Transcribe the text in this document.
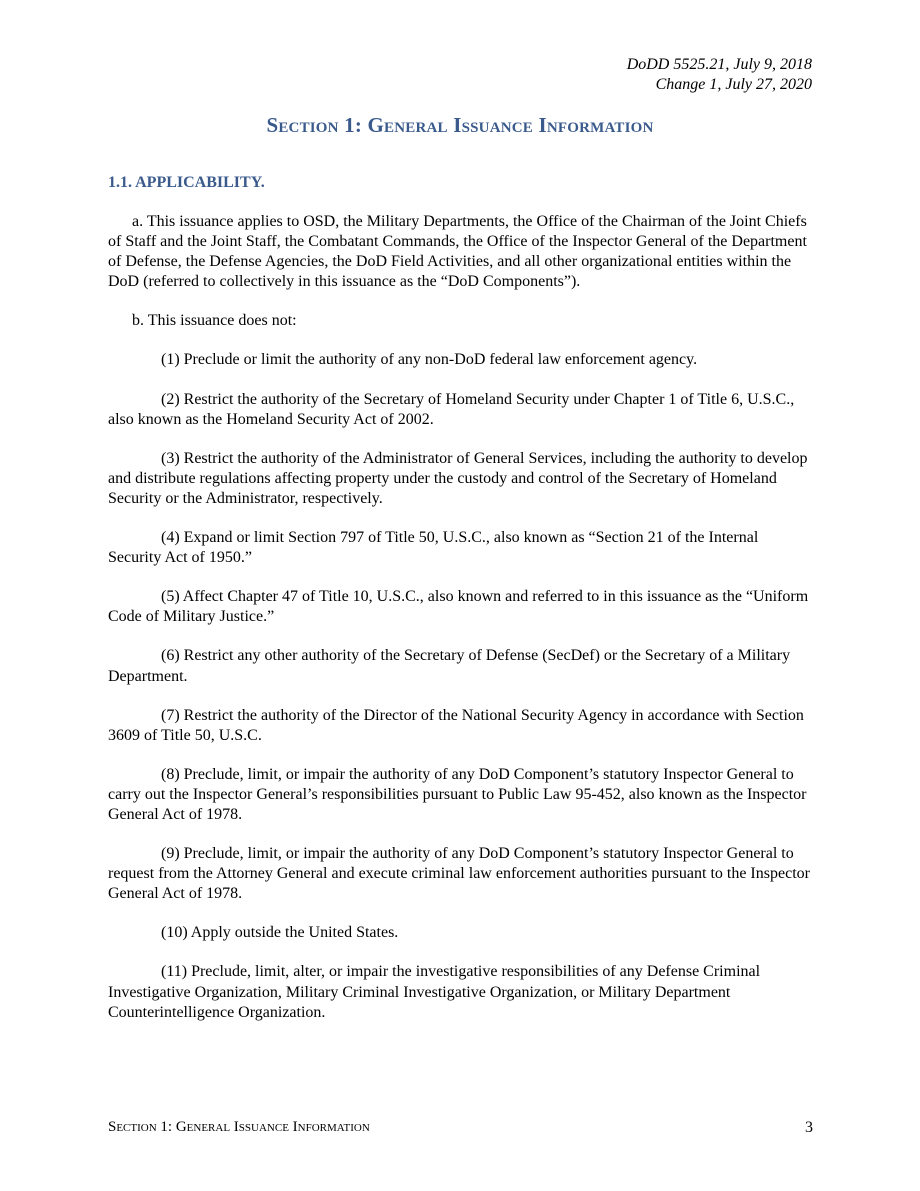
DoDD 5525.21, July 9, 2018
Change 1, July 27, 2020
Section 1: General Issuance Information
1.1. APPLICABILITY.

a. This issuance applies to OSD, the Military Departments, the Office of the Chairman of the Joint Chiefs of Staff and the Joint Staff, the Combatant Commands, the Office of the Inspector General of the Department of Defense, the Defense Agencies, the DoD Field Activities, and all other organizational entities within the DoD (referred to collectively in this issuance as the “DoD Components”).

b. This issuance does not:

(1) Preclude or limit the authority of any non-DoD federal law enforcement agency.

(2) Restrict the authority of the Secretary of Homeland Security under Chapter 1 of Title 6, U.S.C., also known as the Homeland Security Act of 2002.

(3) Restrict the authority of the Administrator of General Services, including the authority to develop and distribute regulations affecting property under the custody and control of the Secretary of Homeland Security or the Administrator, respectively.

(4) Expand or limit Section 797 of Title 50, U.S.C., also known as “Section 21 of the Internal Security Act of 1950.”

(5) Affect Chapter 47 of Title 10, U.S.C., also known and referred to in this issuance as the “Uniform Code of Military Justice.”

(6) Restrict any other authority of the Secretary of Defense (SecDef) or the Secretary of a Military Department.

(7) Restrict the authority of the Director of the National Security Agency in accordance with Section 3609 of Title 50, U.S.C.

(8) Preclude, limit, or impair the authority of any DoD Component’s statutory Inspector General to carry out the Inspector General’s responsibilities pursuant to Public Law 95-452, also known as the Inspector General Act of 1978.

(9) Preclude, limit, or impair the authority of any DoD Component’s statutory Inspector General to request from the Attorney General and execute criminal law enforcement authorities pursuant to the Inspector General Act of 1978.

(10) Apply outside the United States.

(11) Preclude, limit, alter, or impair the investigative responsibilities of any Defense Criminal Investigative Organization, Military Criminal Investigative Organization, or Military Department Counterintelligence Organization.

Section 1: General Issuance Information	3
